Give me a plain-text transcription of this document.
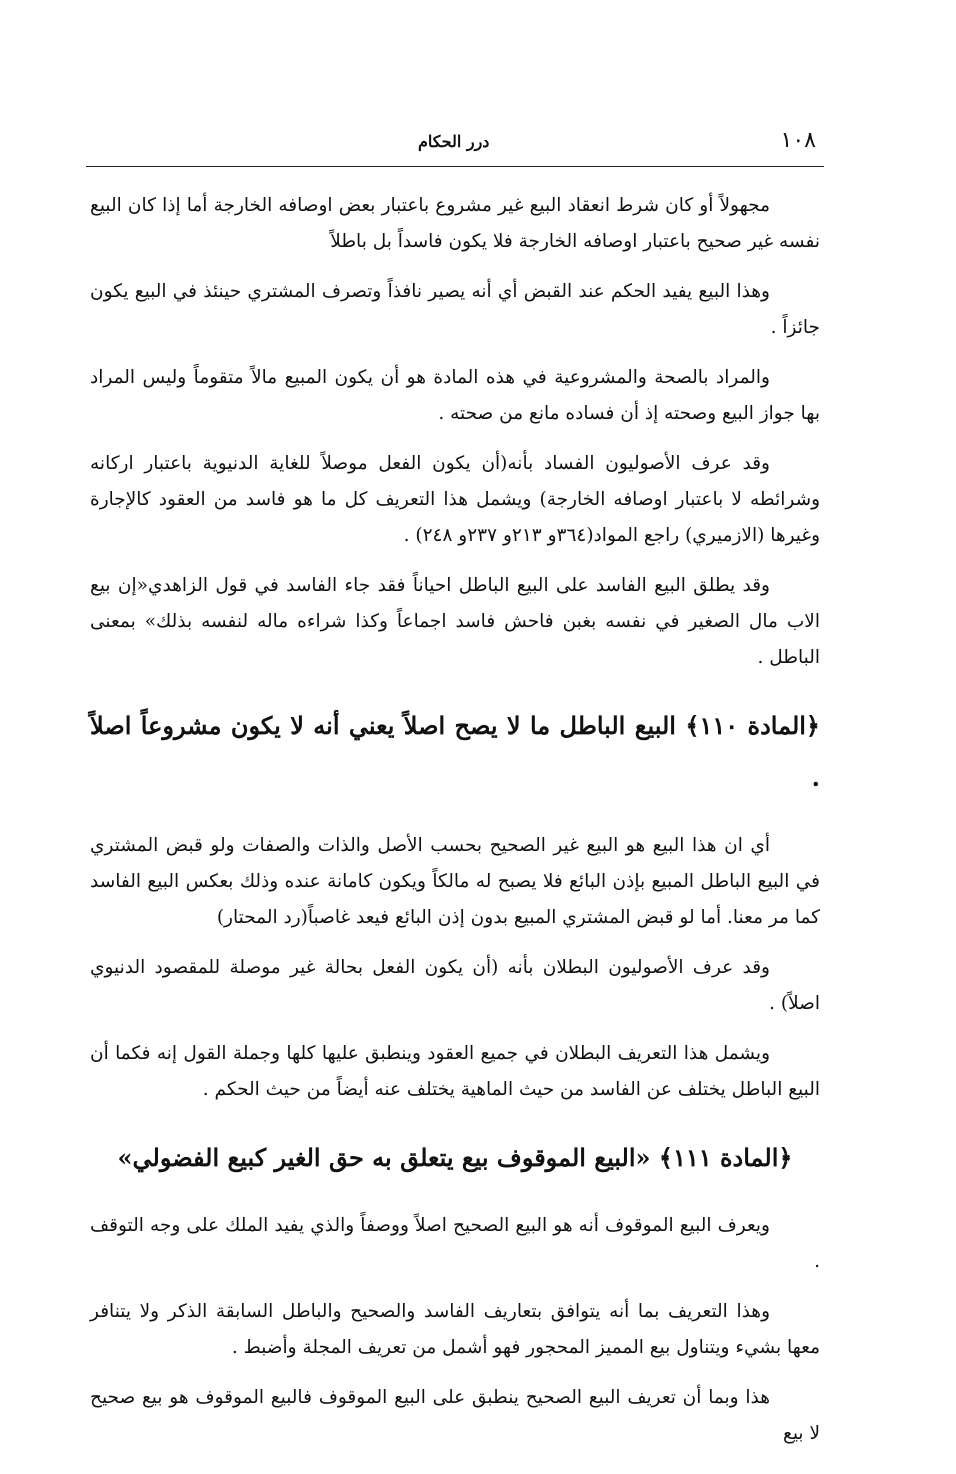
١٠٨
درر الحكام

مجهولاً أو كان شرط انعقاد البيع غير مشروع باعتبار بعض اوصافه الخارجة أما إذا كان البيع نفسه غير صحيح باعتبار اوصافه الخارجة فلا يكون فاسداً بل باطلاً

وهذا البيع يفيد الحكم عند القبض أي أنه يصير نافذاً وتصرف المشتري حينئذ في البيع يكون جائزاً .

والمراد بالصحة والمشروعية في هذه المادة هو أن يكون المبيع مالاً متقوماً وليس المراد بها جواز البيع وصحته إذ أن فساده مانع من صحته .

وقد عرف الأصوليون الفساد بأنه(أن يكون الفعل موصلاً للغاية الدنيوية باعتبار اركانه وشرائطه لا باعتبار اوصافه الخارجة) ويشمل هذا التعريف كل ما هو فاسد من العقود كالإجارة وغيرها (الازميري) راجع المواد(٣٦٤و ٢١٣و ٢٣٧و ٢٤٨) .

وقد يطلق البيع الفاسد على البيع الباطل احياناً فقد جاء الفاسد في قول الزاهدي«إن بيع الاب مال الصغير في نفسه بغبن فاحش فاسد اجماعاً وكذا شراءه ماله لنفسه بذلك» بمعنى الباطل .

﴿المادة ١١٠﴾ البيع الباطل ما لا يصح اصلاً يعني أنه لا يكون مشروعاً اصلاً .

أي ان هذا البيع هو البيع غير الصحيح بحسب الأصل والذات والصفات ولو قبض المشتري في البيع الباطل المبيع بإذن البائع فلا يصبح له مالكاً ويكون كامانة عنده وذلك بعكس البيع الفاسد كما مر معنا. أما لو قبض المشتري المبيع بدون إذن البائع فيعد غاصباً(رد المحتار)

وقد عرف الأصوليون البطلان بأنه (أن يكون الفعل بحالة غير موصلة للمقصود الدنيوي اصلاً) .

ويشمل هذا التعريف البطلان في جميع العقود وينطبق عليها كلها وجملة القول إنه فكما أن البيع الباطل يختلف عن الفاسد من حيث الماهية يختلف عنه أيضاً من حيث الحكم .

﴿المادة ١١١﴾ «البيع الموقوف بيع يتعلق به حق الغير كبيع الفضولي»

ويعرف البيع الموقوف أنه هو البيع الصحيح اصلاً ووصفاً والذي يفيد الملك على وجه التوقف .

وهذا التعريف بما أنه يتوافق بتعاريف الفاسد والصحيح والباطل السابقة الذكر ولا يتنافر معها بشيء ويتناول بيع المميز المحجور فهو أشمل من تعريف المجلة وأضبط .

هذا وبما أن تعريف البيع الصحيح ينطبق على البيع الموقوف فالبيع الموقوف هو بيع صحيح لا بيع
